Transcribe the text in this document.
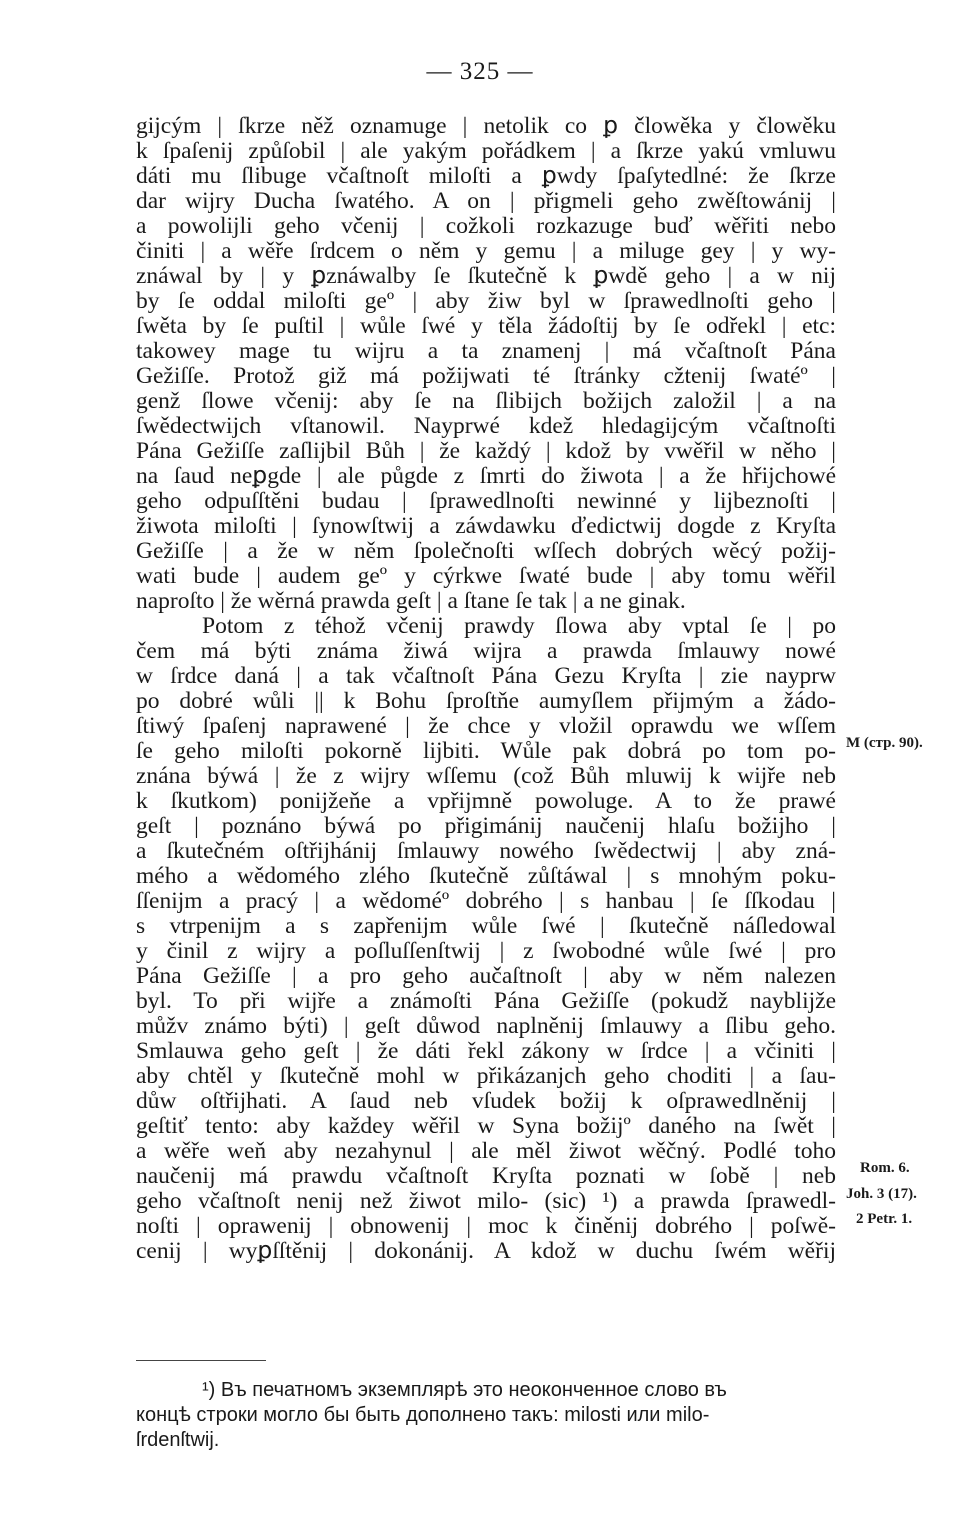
— 325 —
gijcým | ſkrze něž oznamuge | netolik co ꝑ člowěka y člowěku
k ſpaſenij způſobil | ale yakým pořádkem | a ſkrze yakú vmluwu
dáti mu ſlibuge včaſtnoſt miloſti a ꝑwdy ſpaſytedlné: že ſkrze
dar wijry Ducha ſwatého. A on | přigmeli geho zwěſtowánij |
a powolijli geho včenij | cožkoli rozkazuge buď wěřiti nebo
činiti | a wěře ſrdcem o něm y gemu | a miluge gey | y wy-
znáwal by | y ꝑznáwalby ſe ſkutečně k ꝑwdě geho | a w nij
by ſe oddal miloſti geº | aby žiw byl w ſprawedlnoſti geho |
ſwěta by ſe puſtil | wůle ſwé y těla žádoſtij by ſe odřekl | etc:
takowey mage tu wijru a ta znamenj | má včaſtnoſt Pána
Gežiſſe. Protož giž má požijwati té ſtránky cžtenij ſwatéº |
genž ſlowe včenij: aby ſe na ſlibijch božijch založil | a na
ſwědectwijch vſtanowil. Nayprwé kdež hledagijcým včaſtnoſti
Pána Gežiſſe zaſlijbil Bůh | že každý | kdož by vwěřil w něho |
na ſaud neꝑgde | ale půgde z ſmrti do žiwota | a že hřijchowé
geho odpuſſtěni budau | ſprawedlnoſti newinné y lijbeznoſti |
žiwota miloſti | ſynowſtwij a záwdawku ďedictwij dogde z Kryſta
Gežiſſe | a že w něm ſpolečnoſti wſſech dobrých wěcý požij-
wati bude | audem geº y cýrkwe ſwaté bude | aby tomu wěřil
naproſto | že wěrná prawda geſt | a ſtane ſe tak | a ne ginak.
Potom z téhož včenij prawdy ſlowa aby vptal ſe | po
čem má býti známa žiwá wijra a prawda ſmlauwy nowé
w ſrdce daná | a tak včaſtnoſt Pána Gezu Kryſta | zie nayprw
po dobré wůli || k Bohu ſproſtňe aumyſlem přijmým a žádo-
ſtiwý ſpaſenj naprawené | že chce y vložil oprawdu we wſſem
ſe geho miloſti pokorně lijbiti. Wůle pak dobrá po tom po-
znána býwá | že z wijry wſſemu (což Bůh mluwij k wijře neb
k ſkutkom) ponijžeňe a vpřijmně powoluge. A to že prawé
geſt | poznáno býwá po přigimánij naučenij hlaſu božijho |
a ſkutečném oſtřijhánij ſmlauwy nowého ſwědectwij | aby zná-
mého a wědomého zlého ſkutečně zůſtáwal | s mnohým poku-
ſſenijm a pracý | a wědoméº dobrého | s hanbau | ſe ſſkodau |
s vtrpenijm a s zapřenijm wůle ſwé | ſkutečně náſledowal
y činil z wijry a poſluſſenſtwij | z ſwobodné wůle ſwé | pro
Pána Gežiſſe | a pro geho aučaſtnoſt | aby w něm nalezen
byl. To při wijře a známoſti Pána Gežiſſe (pokudž nayblijže
můžv známo býti) | geſt důwod naplněnij ſmlauwy a ſlibu geho.
Smlauwa geho geſt | že dáti řekl zákony w ſrdce | a včiniti |
aby chtěl y ſkutečně mohl w přikázanjch geho choditi | a ſau-
důw oſtřijhati. A ſaud neb vſudek božij k oſprawedlněnij |
geſtiť tento: aby každey wěřil w Syna božijº daného na ſwět |
a wěře weň aby nezahynul | ale měl žiwot wěčný. Podlé toho
naučenij má prawdu včaſtnoſt Kryſta poznati w ſobě | neb
geho včaſtnoſt nenij než žiwot milo- (sic) ¹) a prawda ſprawedl-
noſti | oprawenij | obnowenij | moc k činěnij dobrého | poſwě-
cenij | wyꝑſſtěnij | dokonánij. A kdož w duchu ſwém wěřij
M (стр. 90).
Rom. 6.
Joh. 3 (17).
2 Petr. 1.
¹) Въ печатномъ экземплярѣ это неоконченное слово въ
концѣ строки могло бы быть дополнено такъ: milosti или milo-
ſrdenſtwij.
